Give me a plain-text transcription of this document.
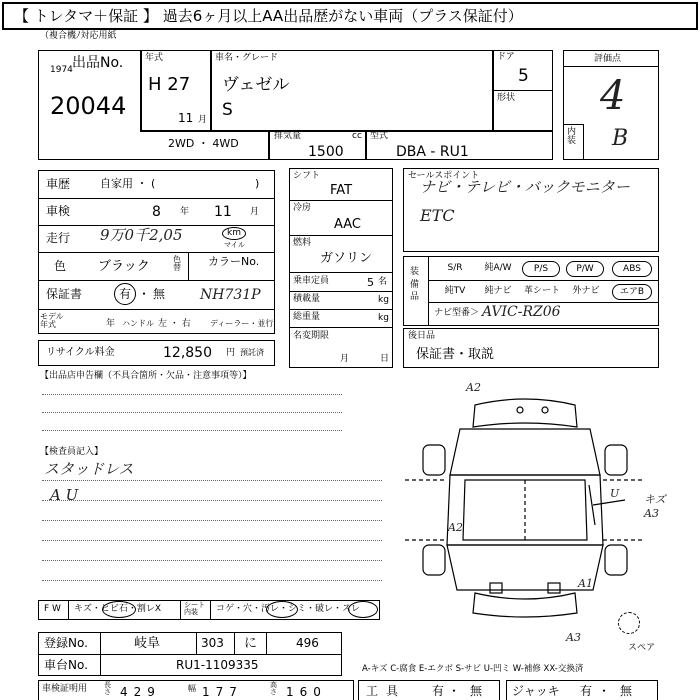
【 トレタマ＋保証 】 過去6ヶ月以上AA出品歴がない車両（プラス保証付）
（複合機ﾉ対応用紙
出品No.
1974
20044
年式
H 27
11 月
車名・グレード
ヴェゼル
S
ドア
5
形状
評価点
4
内装 B
2WD ・ 4WD
排気量	cc
1500
型式
DBA - RU1
車歴	自家用 ・ (	)
車検	8 年 11 月
走行 9万0千2,05	km
マイル
色 ブラック	色替 カラーNo.
NH731P
保証書	有 ・ 無
モデル年式	年 ハンドル 左 ・ 右 ディーラー・並行
リサイクル料金	12,850 円 預託済
シフト
FAT
冷房
AAC
燃料
ガソリン
乗車定員	5 名
積載量	kg
総重量	kg
名変期限
月	日
セールスポイント
ナビ・テレビ・バックモニター
ETC
装備品
S/R	純A/W	P/S	P/W	ABS
純TV	純ナビ	革シート	外ナビ	エアB
ナビ型番＞ AVIC-RZ06
後日品
保証書・取説
【出品店申告欄（不具合箇所・欠品・注意事項等）】
【検査員記入】
スタッドレス
A U
A2
A2
キズ
A3
A1
A3
U
スペア
F W キズ・ヒビ石・割レX	シート内装	コゲ・穴・汚レ・シミ・破レ・スレ
登録No.	岐阜	303 に	496
車台No.	RU1-1109335	A-キズ C-腐食 E-エクボ S-サビ U-凹ミ W-補修 XX-交換済
車検証明用 長さ 429	幅 177	高さ 160	工具 有 ・ 無 ジャッキ 有 ・ 無
